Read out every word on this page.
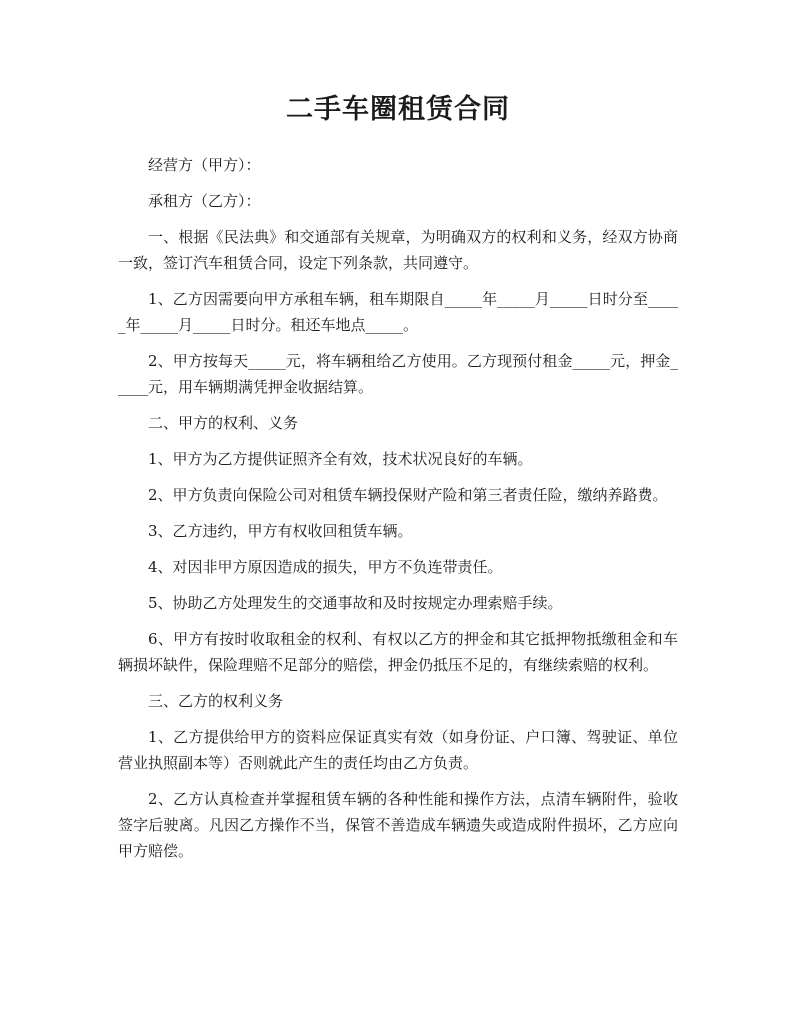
二手车圈租赁合同

经营方（甲方）：

承租方（乙方）：

一、根据《民法典》和交通部有关规章，为明确双方的权利和义务，经双方协商一致，签订汽车租赁合同，设定下列条款，共同遵守。

1、乙方因需要向甲方承租车辆，租车期限自_____年_____月_____日时分至_____年_____月_____日时分。租还车地点_____。

2、甲方按每天_____元，将车辆租给乙方使用。乙方现预付租金_____元，押金_____元，用车辆期满凭押金收据结算。

二、甲方的权利、义务

1、甲方为乙方提供证照齐全有效，技术状况良好的车辆。

2、甲方负责向保险公司对租赁车辆投保财产险和第三者责任险，缴纳养路费。

3、乙方违约，甲方有权收回租赁车辆。

4、对因非甲方原因造成的损失，甲方不负连带责任。

5、协助乙方处理发生的交通事故和及时按规定办理索赔手续。

6、甲方有按时收取租金的权利、有权以乙方的押金和其它抵押物抵缴租金和车辆损坏缺件，保险理赔不足部分的赔偿，押金仍抵压不足的，有继续索赔的权利。

三、乙方的权利义务

1、乙方提供给甲方的资料应保证真实有效（如身份证、户口簿、驾驶证、单位营业执照副本等）否则就此产生的责任均由乙方负责。

2、乙方认真检查并掌握租赁车辆的各种性能和操作方法，点清车辆附件，验收签字后驶离。凡因乙方操作不当，保管不善造成车辆遗失或造成附件损坏，乙方应向甲方赔偿。
